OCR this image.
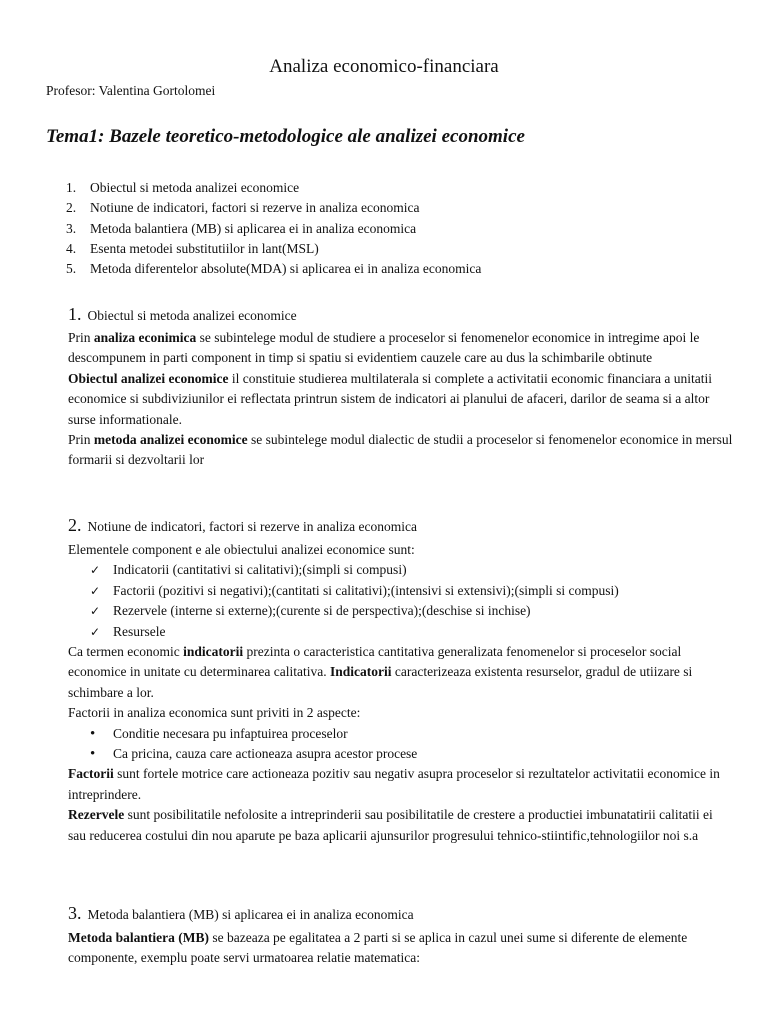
Analiza economico-financiara
Profesor: Valentina Gortolomei
Tema1: Bazele teoretico-metodologice ale analizei economice
1. Obiectul si metoda analizei economice
2. Notiune de indicatori, factori si rezerve in analiza economica
3. Metoda balantiera (MB) si aplicarea ei in analiza economica
4. Esenta metodei substitutiilor in lant(MSL)
5. Metoda diferentelor absolute(MDA) si aplicarea ei in analiza economica
1. Obiectul si metoda analizei economice

Prin analiza econimica se subintelege modul de studiere a proceselor si fenomenelor economice in intregime apoi le descompunem in parti component in timp si spatiu si evidentiem cauzele care au dus la schimbarile obtinute

Obiectul analizei economice il constituie studierea multilaterala si complete a activitatii economic financiara a unitatii economice si subdiviziunilor ei reflectata printrun sistem de indicatori ai planului de afaceri, darilor de seama si a altor surse informationale.

Prin metoda analizei economice se subintelege modul dialectic de studii a proceselor si fenomenelor economice in mersul formarii si dezvoltarii lor

2. Notiune de indicatori, factori si rezerve in analiza economica

Elementele component e ale obiectului analizei economice sunt:

✓ Indicatorii (cantitativi si calitativi);(simpli si compusi)
✓ Factorii (pozitivi si negativi);(cantitati si calitativi);(intensivi si extensivi);(simpli si compusi)
✓ Rezervele (interne si externe);(curente si de perspectiva);(deschise si inchise)
✓ Resursele

Ca termen economic indicatorii prezinta o caracteristica cantitativa generalizata fenomenelor si proceselor social economice in unitate cu determinarea calitativa. Indicatorii caracterizeaza existenta resurselor, gradul de utiizare si schimbare a lor.

Factorii in analiza economica sunt priviti in 2 aspecte:

• Conditie necesara pu infaptuirea proceselor
• Ca pricina, cauza care actioneaza asupra acestor procese

Factorii sunt fortele motrice care actioneaza pozitiv sau negativ asupra proceselor si rezultatelor activitatii economice in intreprindere.

Rezervele sunt posibilitatile nefolosite a intreprinderii sau posibilitatile de crestere a productiei imbunatatirii calitatii ei sau reducerea costului din nou aparute pe baza aplicarii ajunsurilor progresului tehnico-stiintific,tehnologiilor noi s.a

3. Metoda balantiera (MB) si aplicarea ei in analiza economica

Metoda balantiera (MB) se bazeaza pe egalitatea a 2 parti si se aplica in cazul unei sume si diferente de elemente componente, exemplu poate servi urmatoarea relatie matematica:
